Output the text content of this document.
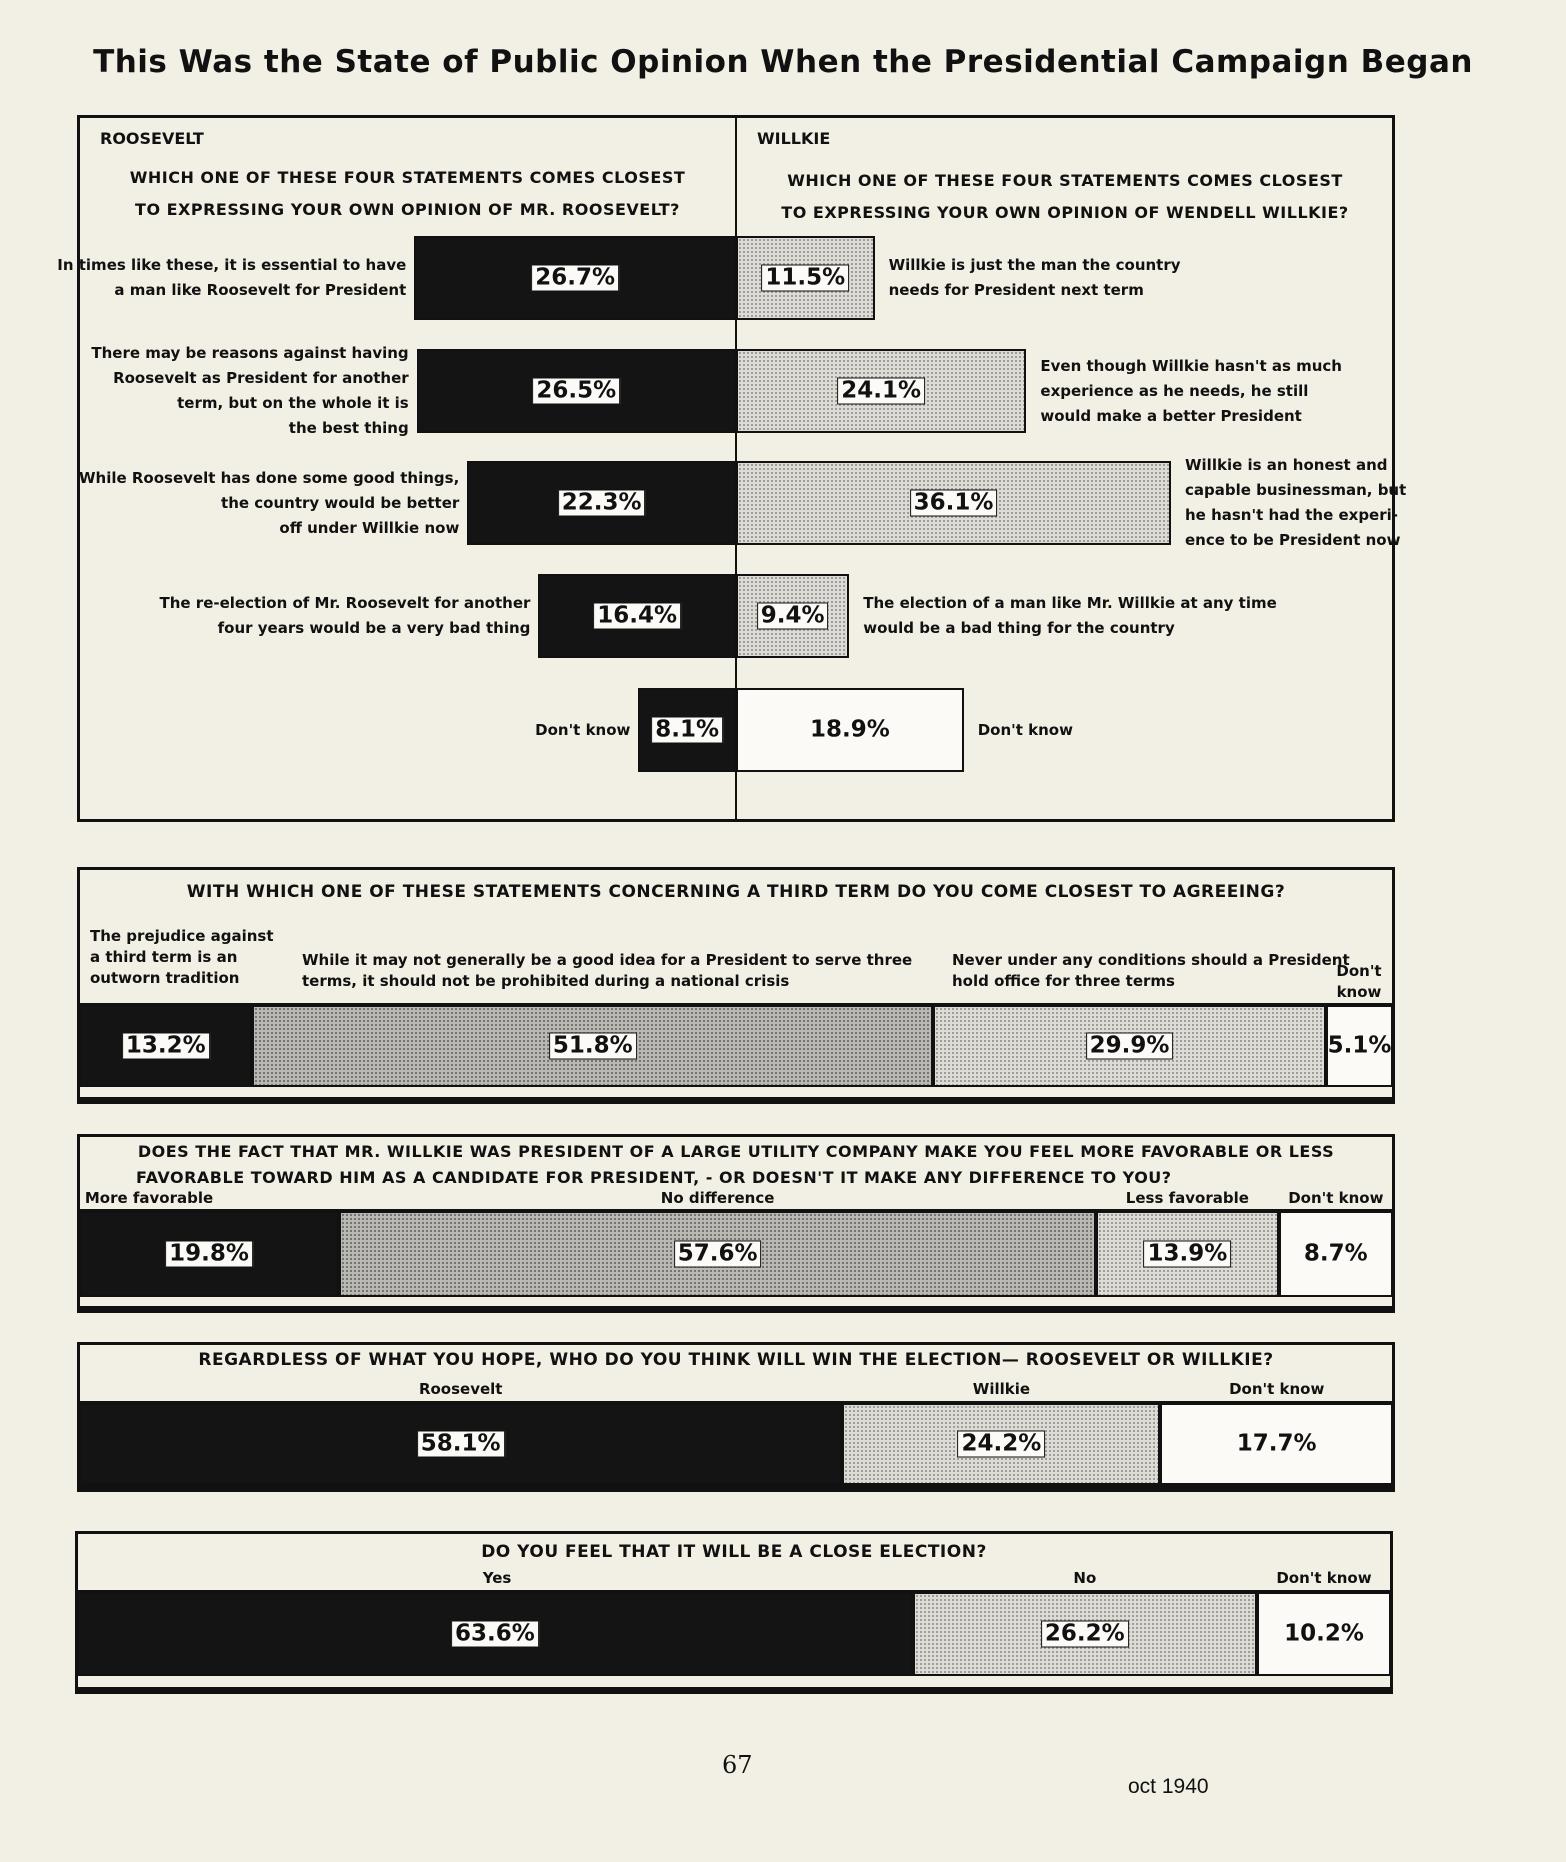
This Was the State of Public Opinion When the Presidential Campaign Began
ROOSEVELT	WILLKIE
WHICH ONE OF THESE FOUR STATEMENTS COMES CLOSEST
TO EXPRESSING YOUR OWN OPINION OF MR. ROOSEVELT?
WHICH ONE OF THESE FOUR STATEMENTS COMES CLOSEST
TO EXPRESSING YOUR OWN OPINION OF WENDELL WILLKIE?
26.7%	11.5%
In times like these, it is essential to have
a man like Roosevelt for President
Willkie is just the man the country
needs for President next term
26.5%	24.1%
There may be reasons against having
Roosevelt as President for another
term, but on the whole it is
the best thing
Even though Willkie hasn't as much
experience as he needs, he still
would make a better President
22.3%	36.1%
While Roosevelt has done some good things,
the country would be better
off under Willkie now
Willkie is an honest and
capable businessman, but
he hasn't had the experi-
ence to be President now
16.4%	9.4%
The re-election of Mr. Roosevelt for another
four years would be a very bad thing
The election of a man like Mr. Willkie at any time
would be a bad thing for the country
8.1%	18.9%
Don't know	Don't know
WITH WHICH ONE OF THESE STATEMENTS CONCERNING A THIRD TERM DO YOU COME CLOSEST TO AGREEING?
13.2%	51.8%	29.9%	5.1%
The prejudice against
a third term is an
outworn tradition
While it may not generally be a good idea for a President to serve three
terms, it should not be prohibited during a national crisis
Never under any conditions should a President
hold office for three terms
Don't
know
DOES THE FACT THAT MR. WILLKIE WAS PRESIDENT OF A LARGE UTILITY COMPANY MAKE YOU FEEL MORE FAVORABLE OR LESS
FAVORABLE TOWARD HIM AS A CANDIDATE FOR PRESIDENT, - OR DOESN'T IT MAKE ANY DIFFERENCE TO YOU?
19.8%	57.6%	13.9%	8.7%
More favorable	No difference	Less favorable	Don't know
REGARDLESS OF WHAT YOU HOPE, WHO DO YOU THINK WILL WIN THE ELECTION— ROOSEVELT OR WILLKIE?
58.1%	24.2%	17.7%
Roosevelt	Willkie	Don't know
DO YOU FEEL THAT IT WILL BE A CLOSE ELECTION?
63.6%	26.2%	10.2%
Yes	No	Don't know
67
oct 1940
